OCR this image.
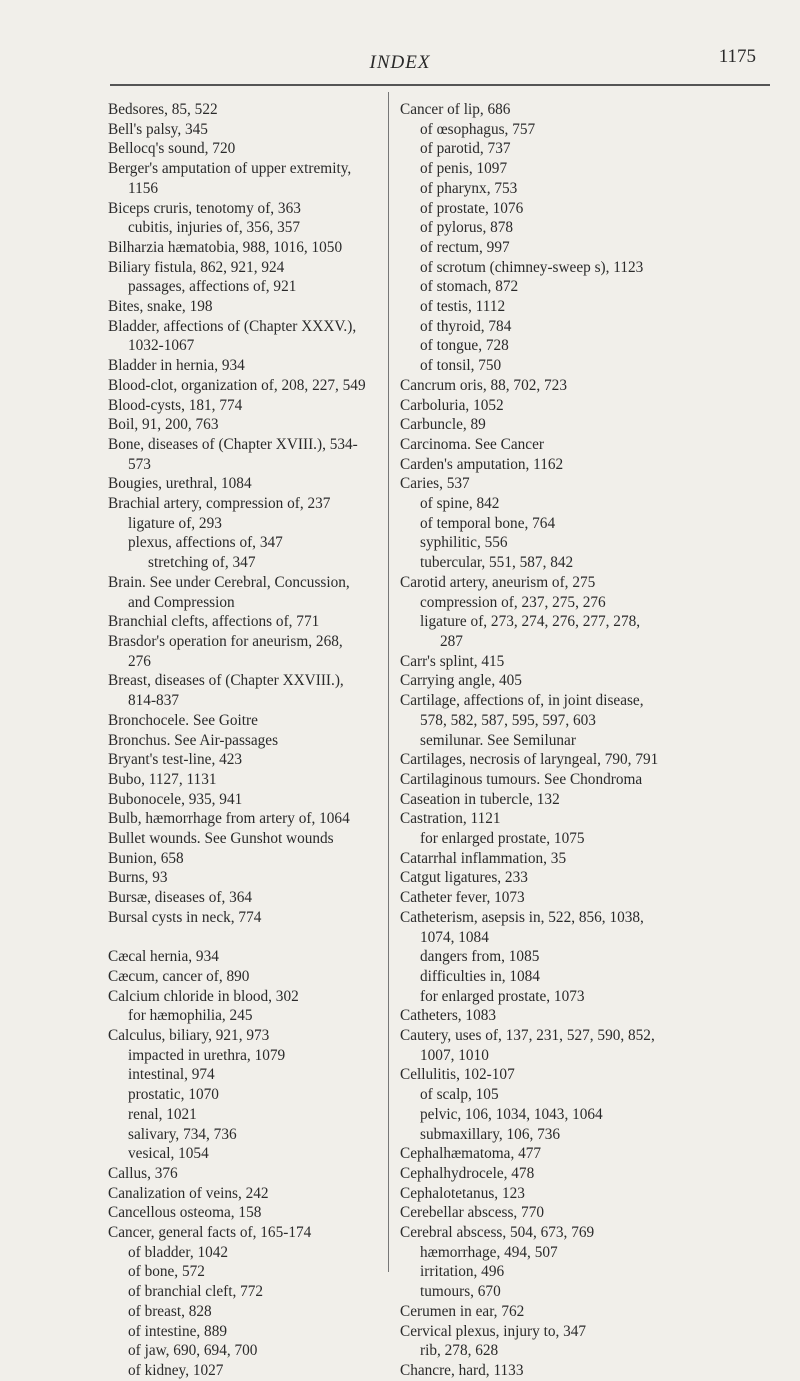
INDEX	1175
Bedsores, 85, 522
Bell's palsy, 345
Bellocq's sound, 720
Berger's amputation of upper extremity,
1156
Biceps cruris, tenotomy of, 363
cubitis, injuries of, 356, 357
Bilharzia hæmatobia, 988, 1016, 1050
Biliary fistula, 862, 921, 924
passages, affections of, 921
Bites, snake, 198
Bladder, affections of (Chapter XXXV.),
1032-1067
Bladder in hernia, 934
Blood-clot, organization of, 208, 227, 549
Blood-cysts, 181, 774
Boil, 91, 200, 763
Bone, diseases of (Chapter XVIII.), 534-
573
Bougies, urethral, 1084
Brachial artery, compression of, 237
ligature of, 293
plexus, affections of, 347
stretching of, 347
Brain. See under Cerebral, Concussion,
and Compression
Branchial clefts, affections of, 771
Brasdor's operation for aneurism, 268,
276
Breast, diseases of (Chapter XXVIII.),
814-837
Bronchocele. See Goitre
Bronchus. See Air-passages
Bryant's test-line, 423
Bubo, 1127, 1131
Bubonocele, 935, 941
Bulb, hæmorrhage from artery of, 1064
Bullet wounds. See Gunshot wounds
Bunion, 658
Burns, 93
Bursæ, diseases of, 364
Bursal cysts in neck, 774
Cæcal hernia, 934
Cæcum, cancer of, 890
Calcium chloride in blood, 302
for hæmophilia, 245
Calculus, biliary, 921, 973
impacted in urethra, 1079
intestinal, 974
prostatic, 1070
renal, 1021
salivary, 734, 736
vesical, 1054
Callus, 376
Canalization of veins, 242
Cancellous osteoma, 158
Cancer, general facts of, 165-174
of bladder, 1042
of bone, 572
of branchial cleft, 772
of breast, 828
of intestine, 889
of jaw, 690, 694, 700
of kidney, 1027
Cancer of lip, 686
of œsophagus, 757
of parotid, 737
of penis, 1097
of pharynx, 753
of prostate, 1076
of pylorus, 878
of rectum, 997
of scrotum (chimney-sweep s), 1123
of stomach, 872
of testis, 1112
of thyroid, 784
of tongue, 728
of tonsil, 750
Cancrum oris, 88, 702, 723
Carboluria, 1052
Carbuncle, 89
Carcinoma. See Cancer
Carden's amputation, 1162
Caries, 537
of spine, 842
of temporal bone, 764
syphilitic, 556
tubercular, 551, 587, 842
Carotid artery, aneurism of, 275
compression of, 237, 275, 276
ligature of, 273, 274, 276, 277, 278,
287
Carr's splint, 415
Carrying angle, 405
Cartilage, affections of, in joint disease,
578, 582, 587, 595, 597, 603
semilunar. See Semilunar
Cartilages, necrosis of laryngeal, 790, 791
Cartilaginous tumours. See Chondroma
Caseation in tubercle, 132
Castration, 1121
for enlarged prostate, 1075
Catarrhal inflammation, 35
Catgut ligatures, 233
Catheter fever, 1073
Catheterism, asepsis in, 522, 856, 1038,
1074, 1084
dangers from, 1085
difficulties in, 1084
for enlarged prostate, 1073
Catheters, 1083
Cautery, uses of, 137, 231, 527, 590, 852,
1007, 1010
Cellulitis, 102-107
of scalp, 105
pelvic, 106, 1034, 1043, 1064
submaxillary, 106, 736
Cephalhæmatoma, 477
Cephalhydrocele, 478
Cephalotetanus, 123
Cerebellar abscess, 770
Cerebral abscess, 504, 673, 769
hæmorrhage, 494, 507
irritation, 496
tumours, 670
Cerumen in ear, 762
Cervical plexus, injury to, 347
rib, 278, 628
Chancre, hard, 1133
